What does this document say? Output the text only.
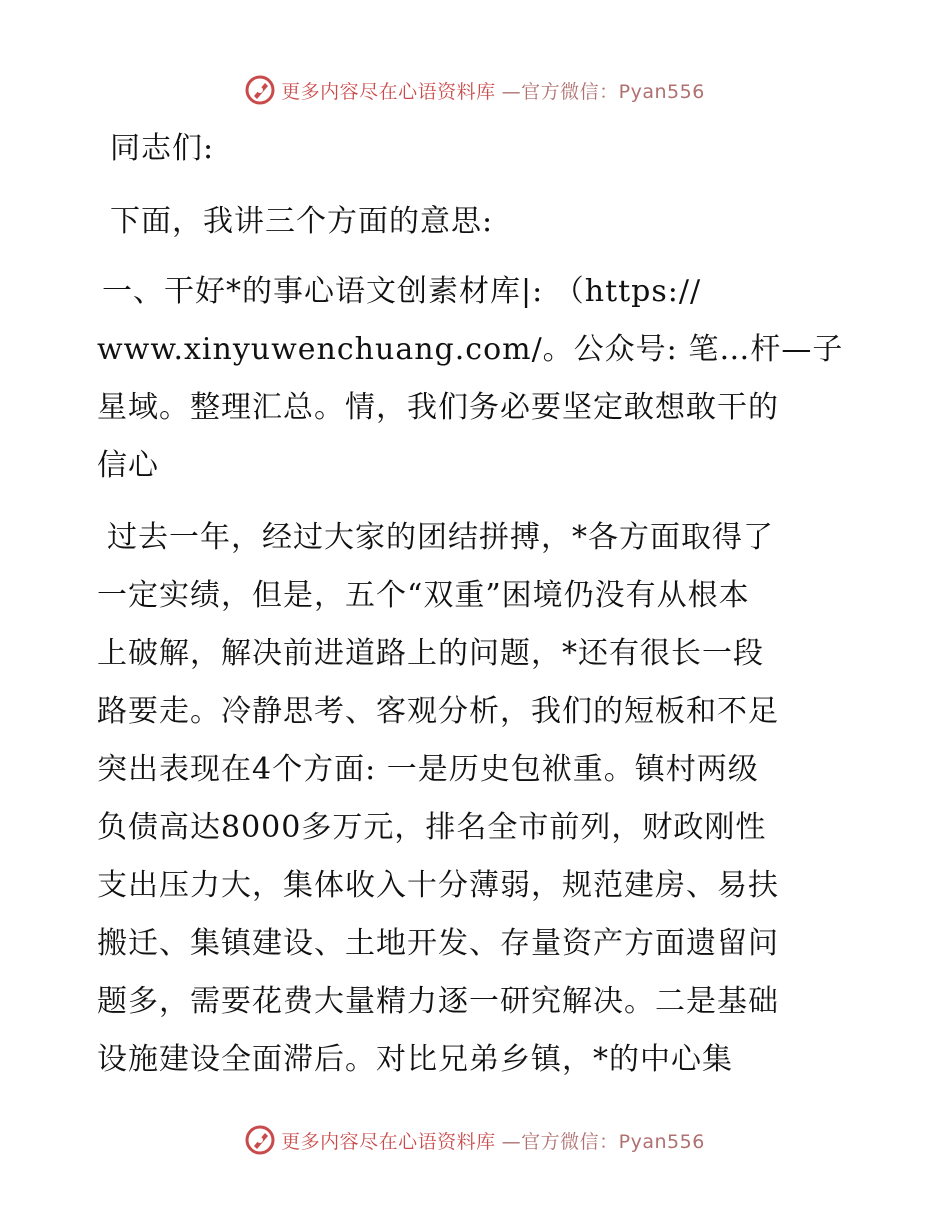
更多内容尽在心语资料库 —官方微信：Pyan556

同志们:

下面，我讲三个方面的意思:

一、干好*的事心语文创素材库|: （https://
www.xinyuwenchuang.com/。公众号: 笔…杆—子
星域。整理汇总。情，我们务必要坚定敢想敢干的
信心

过去一年，经过大家的团结拼搏，*各方面取得了
一定实绩，但是，五个“双重”困境仍没有从根本
上破解，解决前进道路上的问题，*还有很长一段
路要走。冷静思考、客观分析，我们的短板和不足
突出表现在4个方面: 一是历史包袱重。镇村两级
负债高达8000多万元，排名全市前列，财政刚性
支出压力大，集体收入十分薄弱，规范建房、易扶
搬迁、集镇建设、土地开发、存量资产方面遗留问
题多，需要花费大量精力逐一研究解决。二是基础
设施建设全面滞后。对比兄弟乡镇，*的中心集

更多内容尽在心语资料库 —官方微信：Pyan556
